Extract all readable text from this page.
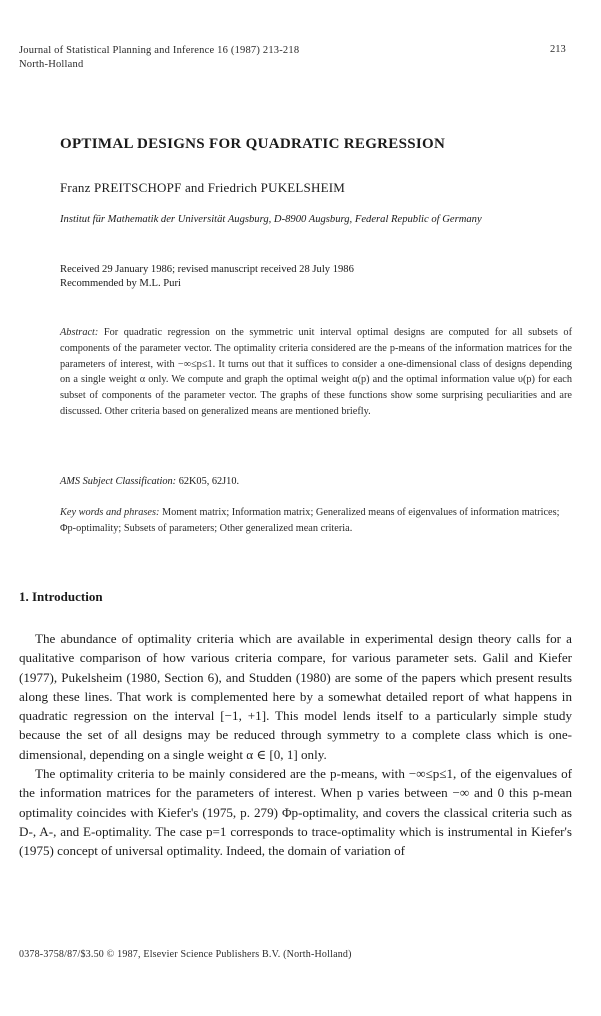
Journal of Statistical Planning and Inference 16 (1987) 213-218
North-Holland
213
OPTIMAL DESIGNS FOR QUADRATIC REGRESSION
Franz PREITSCHOPF and Friedrich PUKELSHEIM
Institut für Mathematik der Universität Augsburg, D-8900 Augsburg, Federal Republic of Germany
Received 29 January 1986; revised manuscript received 28 July 1986
Recommended by M.L. Puri
Abstract: For quadratic regression on the symmetric unit interval optimal designs are computed for all subsets of components of the parameter vector. The optimality criteria considered are the p-means of the information matrices for the parameters of interest, with −∞≤p≤1. It turns out that it suffices to consider a one-dimensional class of designs depending on a single weight α only. We compute and graph the optimal weight α(p) and the optimal information value υ(p) for each subset of components of the parameter vector. The graphs of these functions show some surprising peculiarities and are discussed. Other criteria based on generalized means are mentioned briefly.
AMS Subject Classification: 62K05, 62J10.
Key words and phrases: Moment matrix; Information matrix; Generalized means of eigenvalues of information matrices; Φp-optimality; Subsets of parameters; Other generalized mean criteria.
1. Introduction

The abundance of optimality criteria which are available in experimental design theory calls for a qualitative comparison of how various criteria compare, for various parameter sets. Galil and Kiefer (1977), Pukelsheim (1980, Section 6), and Studden (1980) are some of the papers which present results along these lines. That work is complemented here by a somewhat detailed report of what happens in quadratic regression on the interval [−1, +1]. This model lends itself to a particularly simple study because the set of all designs may be reduced through symmetry to a complete class which is one-dimensional, depending on a single weight α ∈ [0, 1] only.

The optimality criteria to be mainly considered are the p-means, with −∞≤p≤1, of the eigenvalues of the information matrices for the parameters of interest. When p varies between −∞ and 0 this p-mean optimality coincides with Kiefer's (1975, p. 279) Φp-optimality, and covers the classical criteria such as D-, A-, and E-optimality. The case p=1 corresponds to trace-optimality which is instrumental in Kiefer's (1975) concept of universal optimality. Indeed, the domain of variation of

0378-3758/87/$3.50 © 1987, Elsevier Science Publishers B.V. (North-Holland)
